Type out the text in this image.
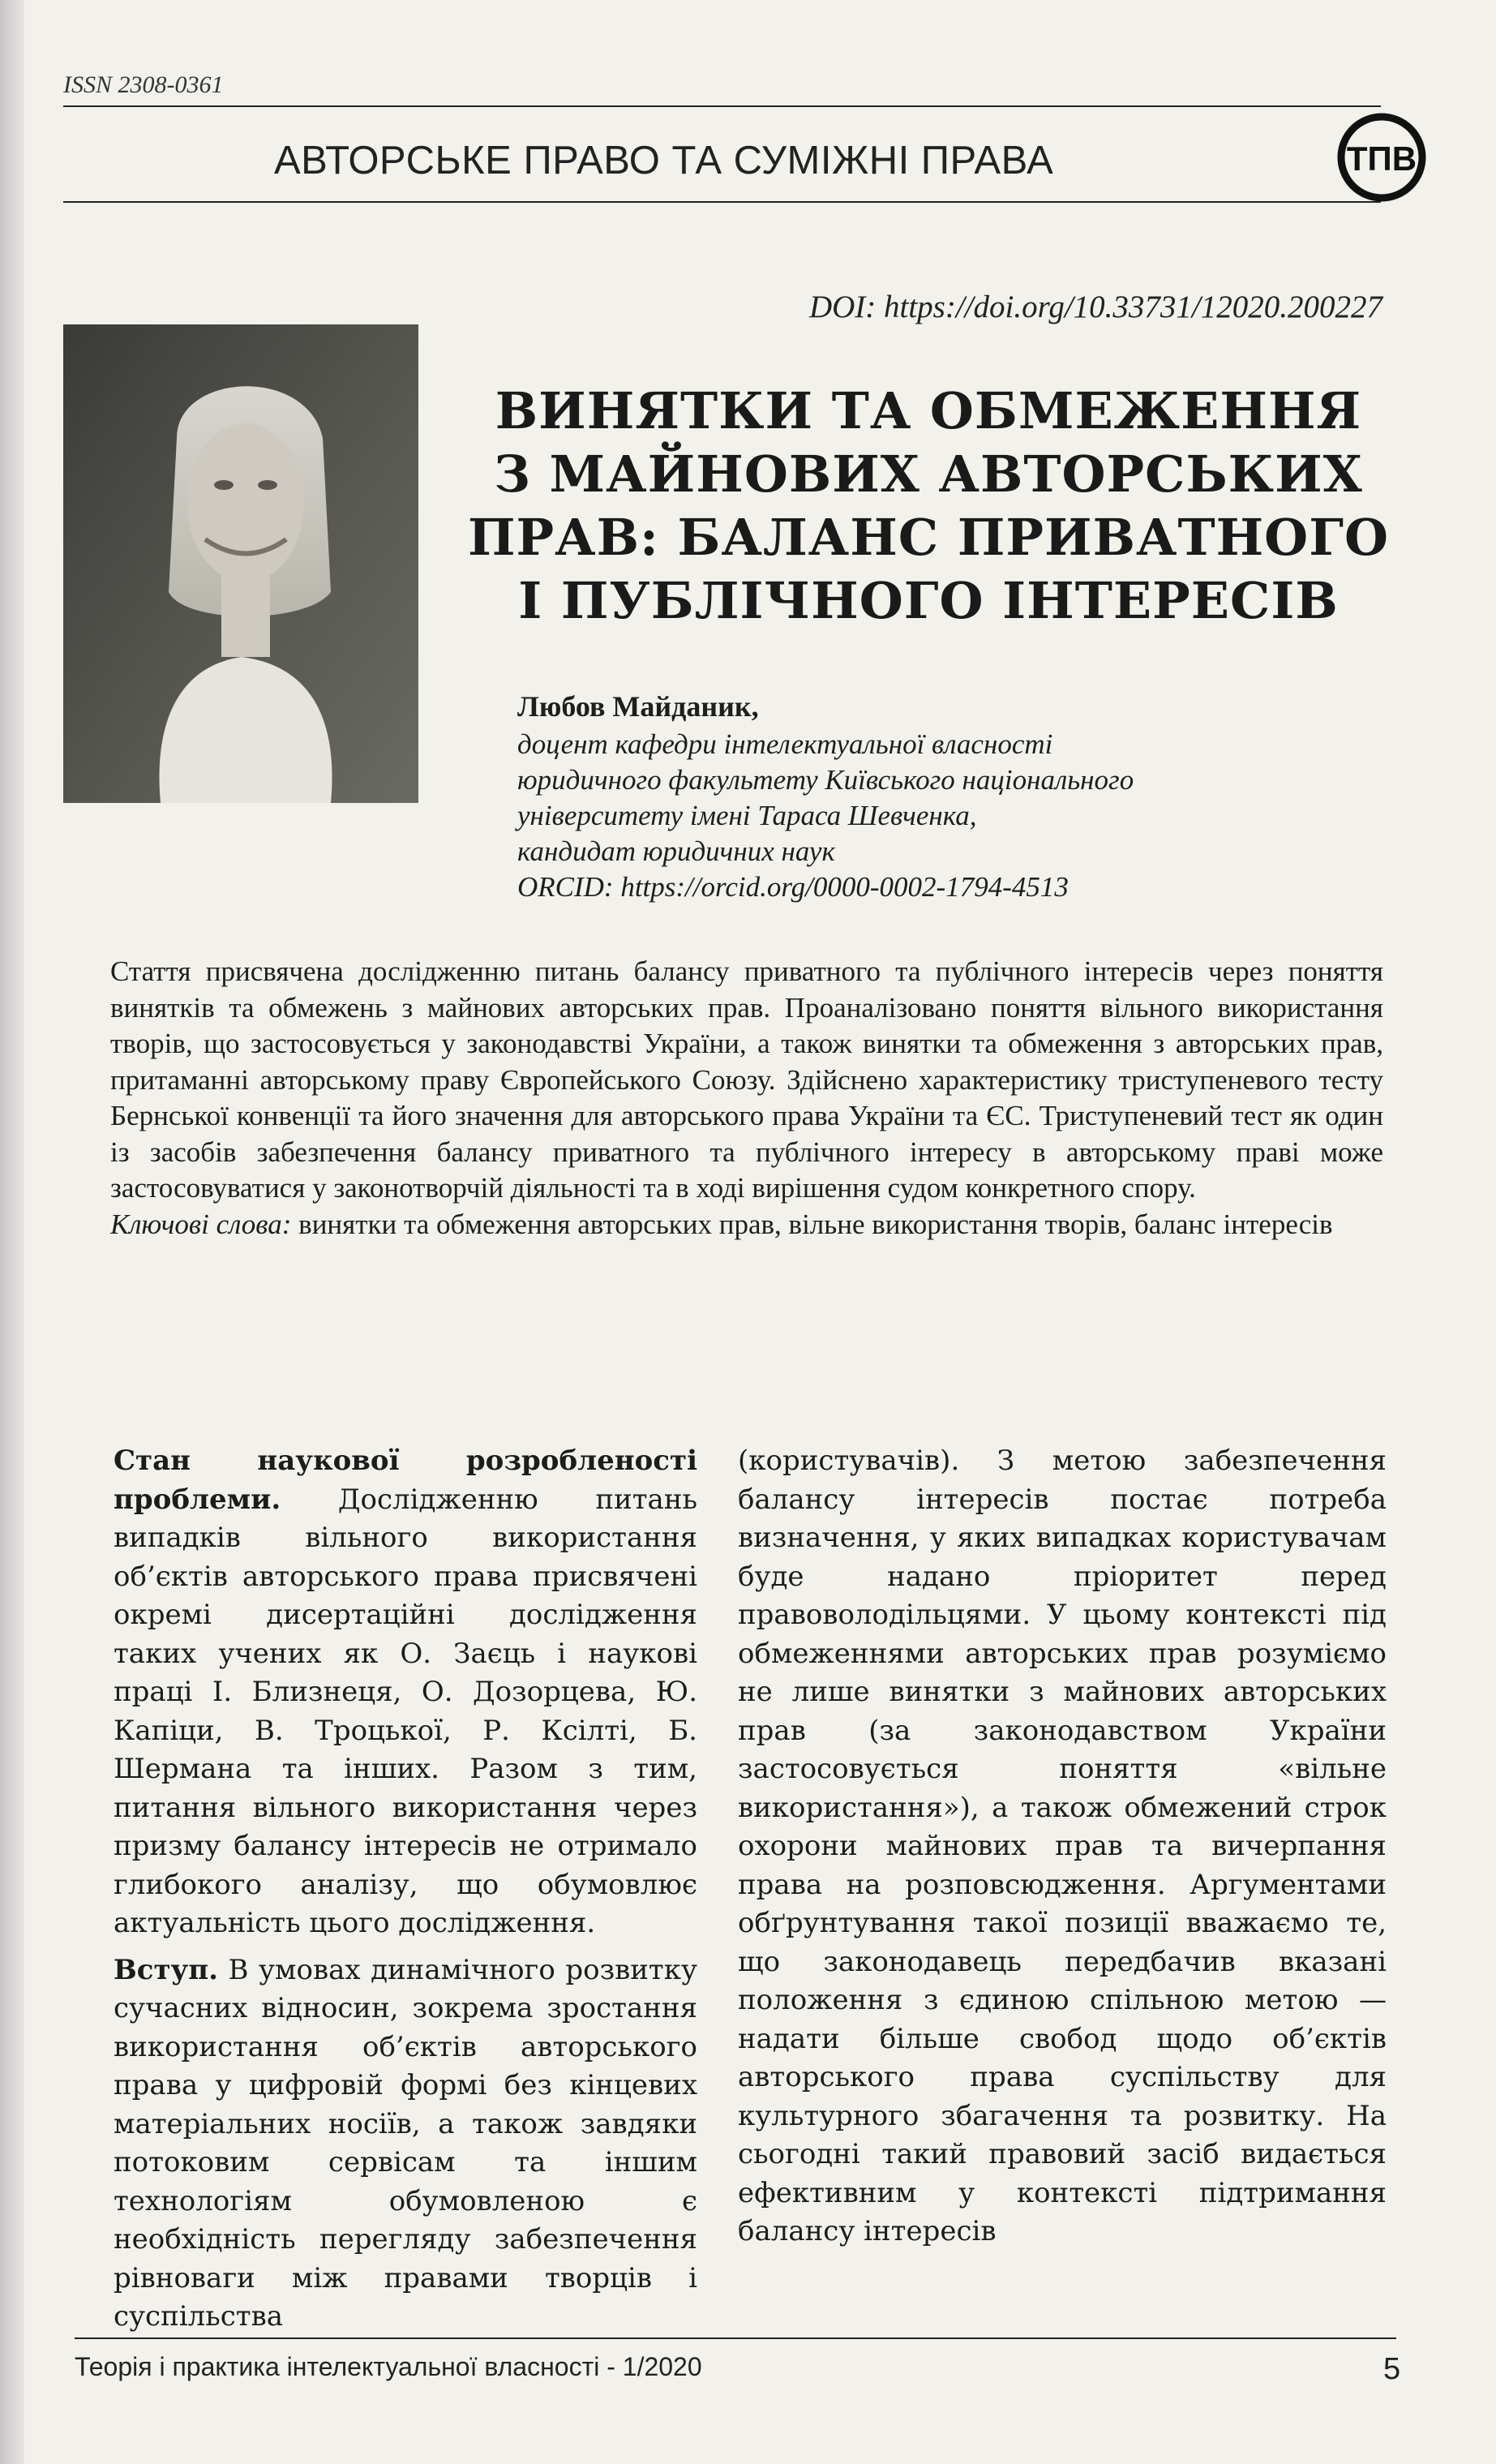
ISSN 2308-0361
АВТОРСЬКЕ ПРАВО ТА СУМІЖНІ ПРАВА	ТПВ
DOI: https://doi.org/10.33731/12020.200227
ВИНЯТКИ ТА ОБМЕЖЕННЯ
З МАЙНОВИХ АВТОРСЬКИХ
ПРАВ: БАЛАНС ПРИВАТНОГО
І ПУБЛІЧНОГО ІНТЕРЕСІВ
Любов Майданик,
доцент кафедри інтелектуальної власності
юридичного факультету Київського національного
університету імені Тараса Шевченка,
кандидат юридичних наук
ORCID: https://orcid.org/0000-0002-1794-4513

Стаття присвячена дослідженню питань балансу приватного та публічного інтересів через поняття винятків та обмежень з майнових авторських прав. Проаналізовано поняття вільного використання творів, що застосовується у законодавстві України, а також винятки та обмеження з авторських прав, притаманні авторському праву Європейського Союзу. Здійснено характеристику триступеневого тесту Бернської конвенції та його значення для авторського права України та ЄС. Триступеневий тест як один із засобів забезпечення балансу приватного та публічного інтересу в авторському праві може застосовуватися у законотворчій діяльності та в ході вирішення судом конкретного спору.

Ключові слова: винятки та обмеження авторських прав, вільне використання творів, баланс інтересів

Стан наукової розробленості проблеми. Дослідженню питань випадків вільного використання об’єктів авторського права присвячені окремі дисертаційні дослідження таких учених як О. Заєць і наукові праці І. Близнеця, О. Дозорцева, Ю. Капіци, В. Троцької, Р. Ксілті, Б. Шермана та інших. Разом з тим, питання вільного використання через призму балансу інтересів не отримало глибокого аналізу, що обумовлює актуальність цього дослідження.

Вступ. В умовах динамічного розвитку сучасних відносин, зокрема зростання використання об’єктів авторського права у цифровій формі без кінцевих матеріальних носіїв, а також завдяки потоковим сервісам та іншим технологіям обумовленою є необхідність перегляду забезпечення рівноваги між правами творців і суспільства

(користувачів). З метою забезпечення балансу інтересів постає потреба визначення, у яких випадках користувачам буде надано пріоритет перед правоволодільцями. У цьому контексті під обмеженнями авторських прав розуміємо не лише винятки з майнових авторських прав (за законодавством України застосовується поняття «вільне використання»), а також обмежений строк охорони майнових прав та вичерпання права на розповсюдження. Аргументами обґрунтування такої позиції вважаємо те, що законодавець передбачив вказані положення з єдиною спільною метою — надати більше свобод щодо об’єктів авторського права суспільству для культурного збагачення та розвитку. На сьогодні такий правовий засіб видається ефективним у контексті підтримання балансу інтересів

Теорія і практика інтелектуальної власності - 1/2020	5
